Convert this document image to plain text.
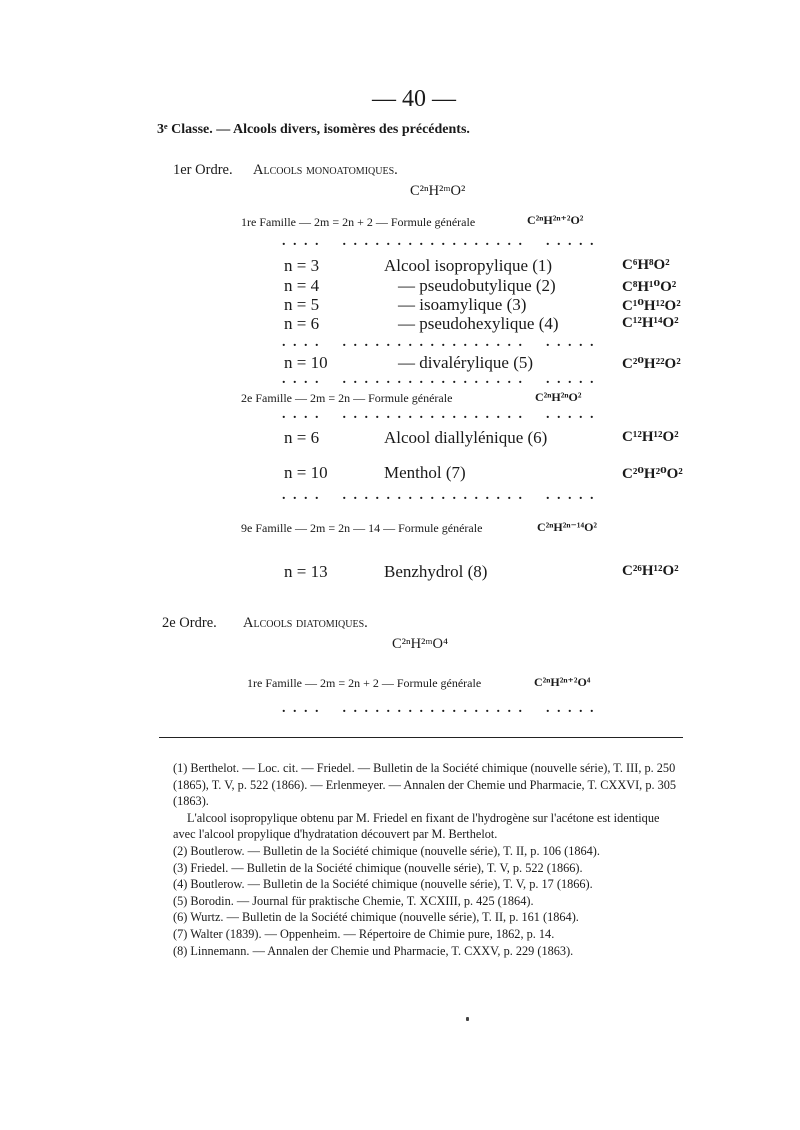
— 40 —
3ᵉ Classe. — Alcools divers, isomères des précédents.
1er Ordre. Alcools monoatomiques.
C²ⁿH²ᵐO²
1re Famille — 2m = 2n + 2 — Formule générale	C²ⁿH²ⁿ⁺²O²
. . . .    . . . . . . . . . . . . . . . . .    . . . . .
n = 3	Alcool isopropylique (1)	C⁶H⁸O²
n = 4	— pseudobutylique (2)	C⁸H¹⁰O²
n = 5	— isoamylique (3)	C¹⁰H¹²O²
n = 6	— pseudohexylique (4)	C¹²H¹⁴O²
. . . .    . . . . . . . . . . . . . . . . .    . . . . .
n = 10	— divalérylique (5)	C²⁰H²²O²
. . . .    . . . . . . . . . . . . . . . . .    . . . . .
2e Famille — 2m = 2n — Formule générale	C²ⁿH²ⁿO²
. . . .    . . . . . . . . . . . . . . . . .    . . . . .
n = 6	Alcool diallylénique (6)	C¹²H¹²O²
n = 10	Menthol (7)	C²⁰H²⁰O²
. . . .    . . . . . . . . . . . . . . . . .    . . . . .
9e Famille — 2m = 2n — 14 — Formule générale	C²ⁿH²ⁿ⁻¹⁴O²
n = 13	Benzhydrol (8)	C²⁶H¹²O²
2e Ordre. Alcools diatomiques.
C²ⁿH²ᵐO⁴
1re Famille — 2m = 2n + 2 — Formule générale	C²ⁿH²ⁿ⁺²O⁴
. . . .    . . . . . . . . . . . . . . . . .    . . . . .

(1) Berthelot. — Loc. cit. — Friedel. — Bulletin de la Société chimique (nouvelle série), T. III, p. 250 (1865), T. V, p. 522 (1866). — Erlenmeyer. — Annalen der Chemie und Pharmacie, T. CXXVI, p. 305 (1863).

L'alcool isopropylique obtenu par M. Friedel en fixant de l'hydrogène sur l'acétone est identique avec l'alcool propylique d'hydratation découvert par M. Berthelot.

(2) Boutlerow. — Bulletin de la Société chimique (nouvelle série), T. II, p. 106 (1864).

(3) Friedel. — Bulletin de la Société chimique (nouvelle série), T. V, p. 522 (1866).

(4) Boutlerow. — Bulletin de la Société chimique (nouvelle série), T. V, p. 17 (1866).

(5) Borodin. — Journal für praktische Chemie, T. XCXIII, p. 425 (1864).

(6) Wurtz. — Bulletin de la Société chimique (nouvelle série), T. II, p. 161 (1864).

(7) Walter (1839). — Oppenheim. — Répertoire de Chimie pure, 1862, p. 14.

(8) Linnemann. — Annalen der Chemie und Pharmacie, T. CXXV, p. 229 (1863).
